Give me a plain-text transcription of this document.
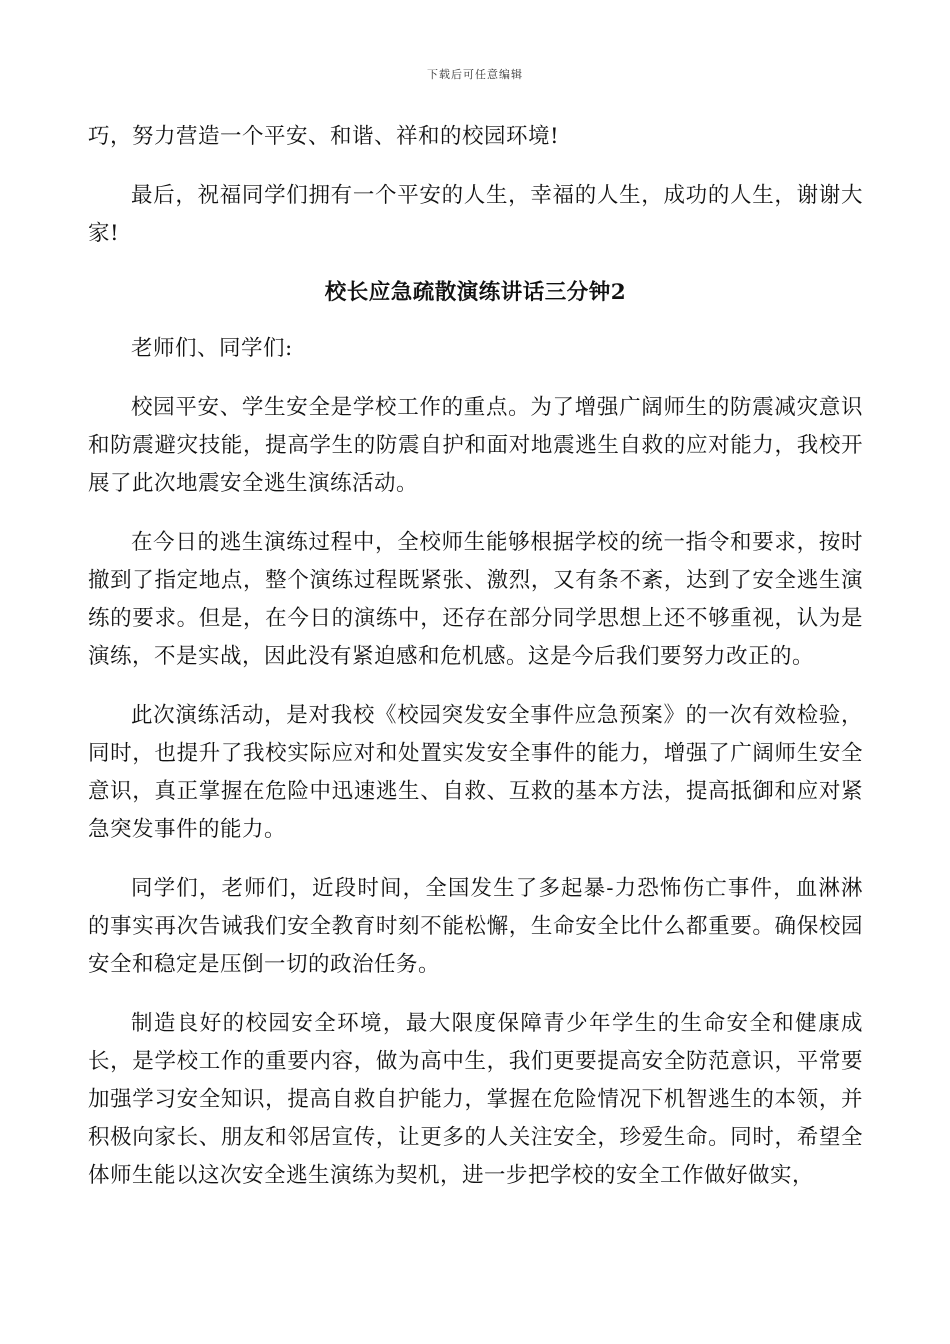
下载后可任意编辑

巧，努力营造一个平安、和谐、祥和的校园环境!

最后，祝福同学们拥有一个平安的人生，幸福的人生，成功的人生，谢谢大家!

校长应急疏散演练讲话三分钟2

老师们、同学们:

校园平安、学生安全是学校工作的重点。为了增强广阔师生的防震减灾意识和防震避灾技能，提高学生的防震自护和面对地震逃生自救的应对能力，我校开展了此次地震安全逃生演练活动。

在今日的逃生演练过程中，全校师生能够根据学校的统一指令和要求，按时撤到了指定地点，整个演练过程既紧张、激烈，又有条不紊，达到了安全逃生演练的要求。但是，在今日的演练中，还存在部分同学思想上还不够重视，认为是演练，不是实战，因此没有紧迫感和危机感。这是今后我们要努力改正的。

此次演练活动，是对我校《校园突发安全事件应急预案》的一次有效检验，同时，也提升了我校实际应对和处置实发安全事件的能力，增强了广阔师生安全意识，真正掌握在危险中迅速逃生、自救、互救的基本方法，提高抵御和应对紧急突发事件的能力。

同学们，老师们，近段时间，全国发生了多起暴-力恐怖伤亡事件，血淋淋的事实再次告诫我们安全教育时刻不能松懈，生命安全比什么都重要。确保校园安全和稳定是压倒一切的政治任务。

制造良好的校园安全环境，最大限度保障青少年学生的生命安全和健康成长，是学校工作的重要内容，做为高中生，我们更要提高安全防范意识，平常要加强学习安全知识，提高自救自护能力，掌握在危险情况下机智逃生的本领，并积极向家长、朋友和邻居宣传，让更多的人关注安全，珍爱生命。同时，希望全体师生能以这次安全逃生演练为契机，进一步把学校的安全工作做好做实，
